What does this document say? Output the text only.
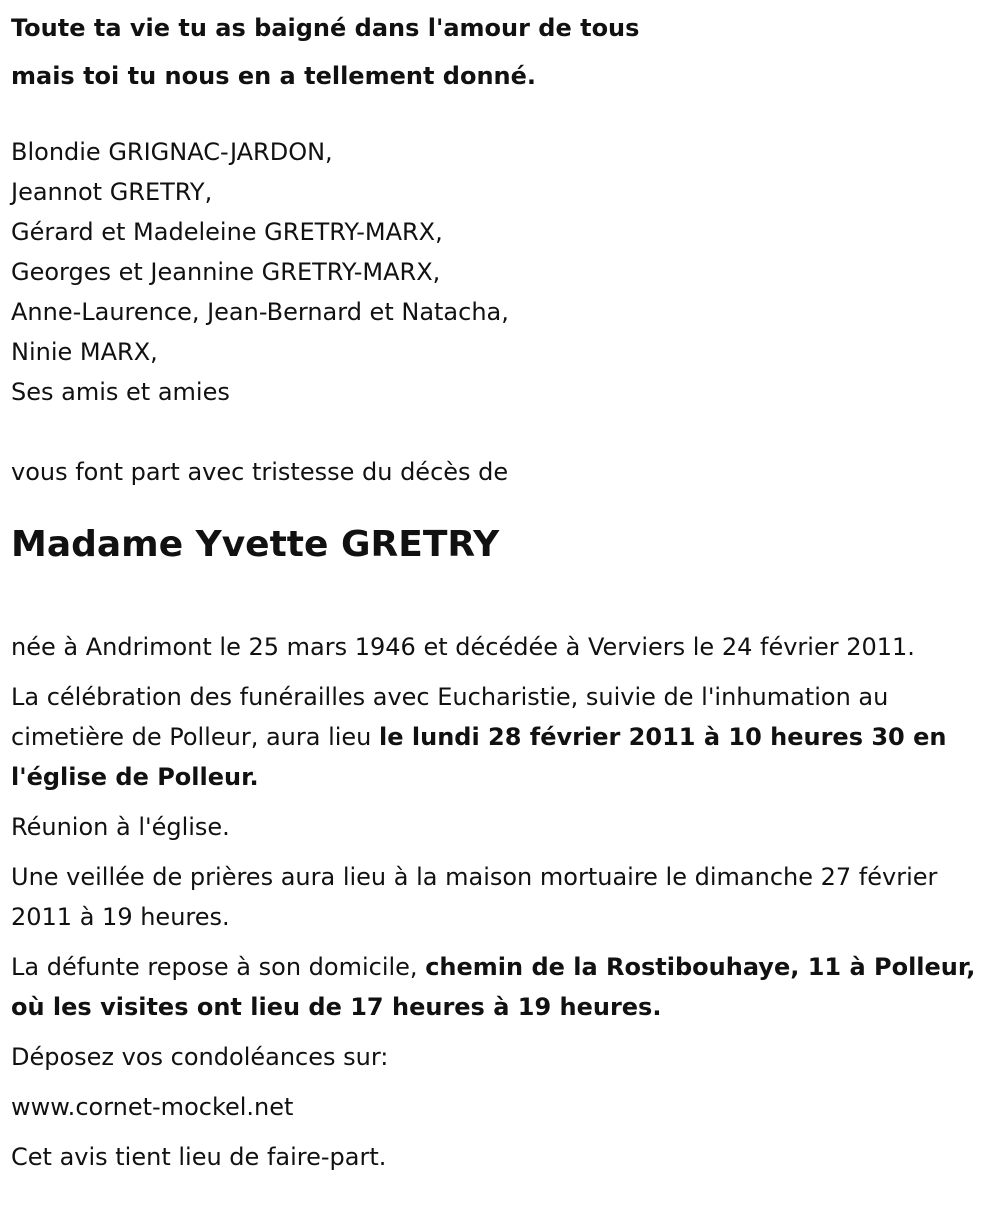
Toute ta vie tu as baigné dans l'amour de tous

mais toi tu nous en a tellement donné.

Blondie GRIGNAC-JARDON,
Jeannot GRETRY,
Gérard et Madeleine GRETRY-MARX,
Georges et Jeannine GRETRY-MARX,
Anne-Laurence, Jean-Bernard et Natacha,
Ninie MARX,
Ses amis et amies
vous font part avec tristesse du décès de
Madame Yvette GRETRY

née à Andrimont le 25 mars 1946 et décédée à Verviers le 24 février 2011.

La célébration des funérailles avec Eucharistie, suivie de l'inhumation au cimetière de Polleur, aura lieu le lundi 28 février 2011 à 10 heures 30 en l'église de Polleur.

Réunion à l'église.

Une veillée de prières aura lieu à la maison mortuaire le dimanche 27 février 2011 à 19 heures.

La défunte repose à son domicile, chemin de la Rostibouhaye, 11 à Polleur, où les visites ont lieu de 17 heures à 19 heures.

Déposez vos condoléances sur:

www.cornet-mockel.net

Cet avis tient lieu de faire-part.
